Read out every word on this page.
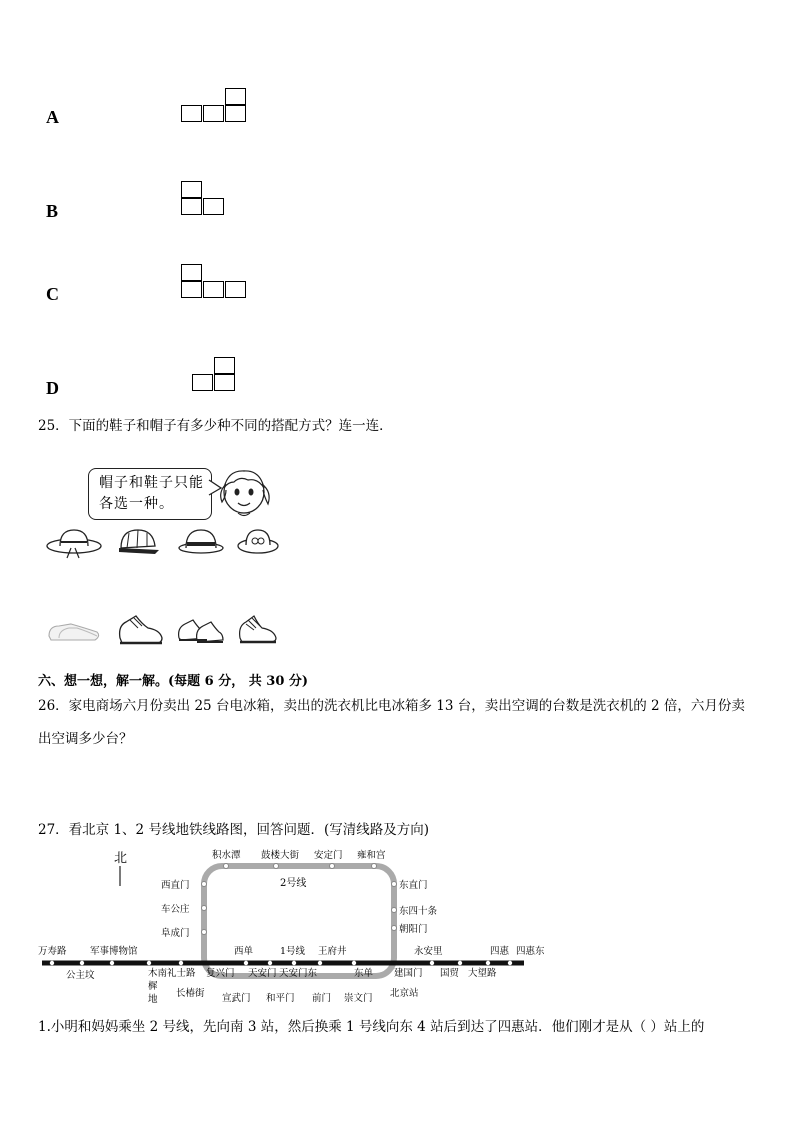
A
B
C
D
25．下面的鞋子和帽子有多少种不同的搭配方式？连一连．
帽子和鞋子只能
各选一种。
六、想一想，解一解。(每题 6 分， 共 30 分)
26．家电商场六月份卖出 25 台电冰箱，卖出的洗衣机比电冰箱多 13 台，卖出空调的台数是洗衣机的 2 倍，六月份卖
出空调多少台？
27．看北京 1、2 号线地铁线路图，回答问题．(写清线路及方向)
北
2号线
积水潭 鼓楼大街 安定门 雍和宫
西直门
车公庄
阜成门
东直门
东四十条
朝阳门
万寿路 军事博物馆
公主坟	木南礼士路
樨
地
复兴门
长椿街 宣武门
西单
天安门
1号线
天安门东
王府井
和平门 前门
东单
崇文门
建国门
北京站
永安里
国贸 大望路
四惠 四惠东
1.小明和妈妈乘坐 2 号线，先向南 3 站，然后换乘 1 号线向东 4 站后到达了四惠站．他们刚才是从（ ）站上的
